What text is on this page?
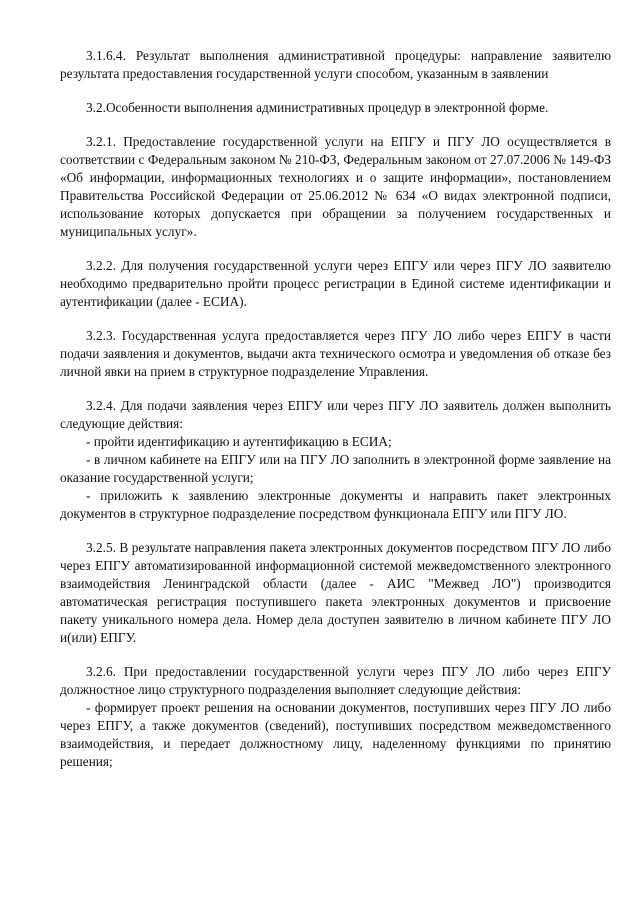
3.1.6.4. Результат выполнения административной процедуры: направление заявителю результата предоставления государственной услуги способом, указанным в заявлении

3.2.Особенности выполнения административных процедур в электронной форме.

3.2.1. Предоставление государственной услуги на ЕПГУ и ПГУ ЛО осуществляется в соответствии с Федеральным законом № 210-ФЗ, Федеральным законом от 27.07.2006 № 149-ФЗ «Об информации, информационных технологиях и о защите информации», постановлением Правительства Российской Федерации от 25.06.2012 № 634 «О видах электронной подписи, использование которых допускается при обращении за получением государственных и муниципальных услуг».

3.2.2. Для получения государственной услуги через ЕПГУ или через ПГУ ЛО заявителю необходимо предварительно пройти процесс регистрации в Единой системе идентификации и аутентификации (далее - ЕСИА).

3.2.3. Государственная услуга предоставляется через ПГУ ЛО либо через ЕПГУ в части подачи заявления и документов, выдачи акта технического осмотра и уведомления об отказе без личной явки на прием в структурное подразделение Управления.

3.2.4. Для подачи заявления через ЕПГУ или через ПГУ ЛО заявитель должен выполнить следующие действия:

- пройти идентификацию и аутентификацию в ЕСИА;

- в личном кабинете на ЕПГУ или на ПГУ ЛО заполнить в электронной форме заявление на оказание государственной услуги;

- приложить к заявлению электронные документы и направить пакет электронных документов в структурное подразделение посредством функционала ЕПГУ или ПГУ ЛО.

3.2.5. В результате направления пакета электронных документов посредством ПГУ ЛО либо через ЕПГУ автоматизированной информационной системой межведомственного электронного взаимодействия Ленинградской области (далее - АИС "Межвед ЛО") производится автоматическая регистрация поступившего пакета электронных документов и присвоение пакету уникального номера дела. Номер дела доступен заявителю в личном кабинете ПГУ ЛО и(или) ЕПГУ.

3.2.6. При предоставлении государственной услуги через ПГУ ЛО либо через ЕПГУ должностное лицо структурного подразделения выполняет следующие действия:

- формирует проект решения на основании документов, поступивших через ПГУ ЛО либо через ЕПГУ, а также документов (сведений), поступивших посредством межведомственного взаимодействия, и передает должностному лицу, наделенному функциями по принятию решения;
